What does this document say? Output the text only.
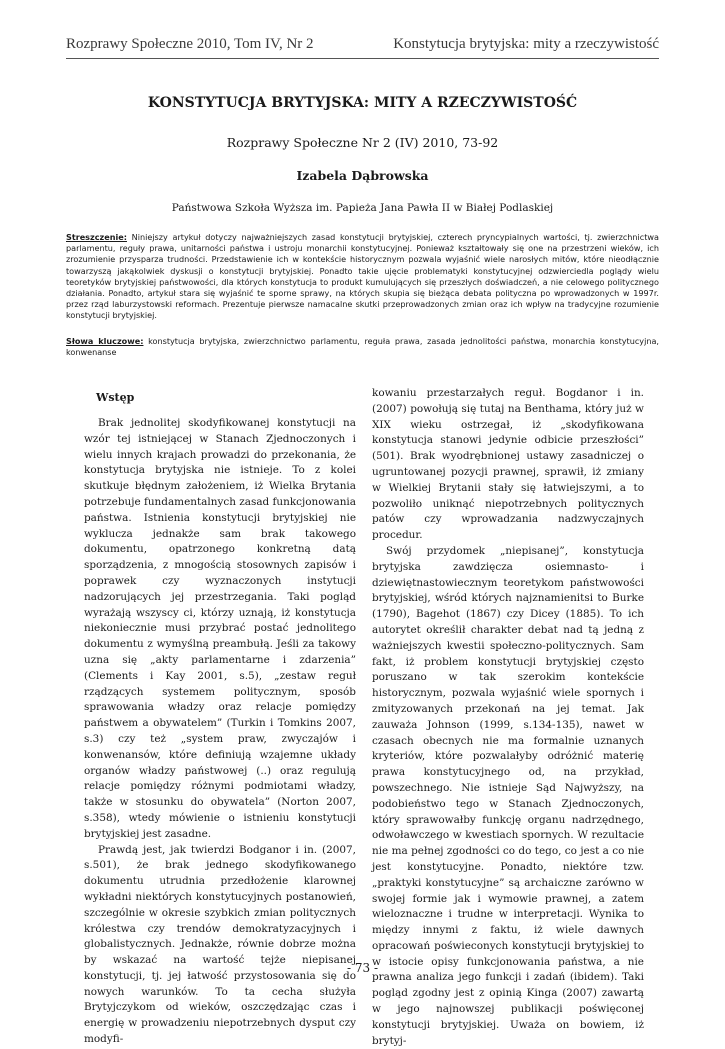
Rozprawy Społeczne 2010, Tom IV, Nr 2	Konstytucja brytyjska: mity a rzeczywistość
KONSTYTUCJA BRYTYJSKA: MITY A RZECZYWISTOŚĆ
Rozprawy Społeczne Nr 2 (IV) 2010, 73-92
Izabela Dąbrowska
Państwowa Szkoła Wyższa im. Papieża Jana Pawła II w Białej Podlaskiej
Streszczenie: Niniejszy artykuł dotyczy najważniejszych zasad konstytucji brytyjskiej, czterech pryncypialnych wartości, tj. zwierzchnictwa parlamentu, reguły prawa, unitarności państwa i ustroju monarchii konstytucyjnej. Ponieważ kształtowały się one na przestrzeni wieków, ich zrozumienie przysparza trudności. Przedstawienie ich w kontekście historycznym pozwala wyjaśnić wiele narosłych mitów, które nieodłącznie towarzyszą jakąkolwiek dyskusji o konstytucji brytyjskiej. Ponadto takie ujęcie problematyki konstytucyjnej odzwierciedla poglądy wielu teoretyków brytyjskiej państwowości, dla których konstytucja to produkt kumulujących się przeszłych doświadczeń, a nie celowego politycznego działania. Ponadto, artykuł stara się wyjaśnić te sporne sprawy, na których skupia się bieżąca debata polityczna po wprowadzonych w 1997r. przez rząd laburzystowski reformach. Prezentuje pierwsze namacalne skutki przeprowadzonych zmian oraz ich wpływ na tradycyjne rozumienie konstytucji brytyjskiej.
Słowa kluczowe: konstytucja brytyjska, zwierzchnictwo parlamentu, reguła prawa, zasada jednolitości państwa, monarchia konstytucyjna, konwenanse

Wstęp

Brak jednolitej skodyfikowanej konstytucji na wzór tej istniejącej w Stanach Zjednoczonych i wielu innych krajach prowadzi do przekonania, że konstytucja brytyjska nie istnieje. To z kolei skutkuje błędnym założeniem, iż Wielka Brytania potrzebuje fundamentalnych zasad funkcjonowania państwa. Istnienia konstytucji brytyjskiej nie wyklucza jednakże sam brak takowego dokumentu, opatrzonego konkretną datą sporządzenia, z mnogością stosownych zapisów i poprawek czy wyznaczonych instytucji nadzorujących jej przestrzegania. Taki pogląd wyrażają wszyscy ci, którzy uznają, iż konstytucja niekoniecznie musi przybrać postać jednolitego dokumentu z wymyślną preambułą. Jeśli za takowy uzna się „akty parlamentarne i zdarzenia” (Clements i Kay 2001, s.5), „zestaw reguł rządzących systemem politycznym, sposób sprawowania władzy oraz relacje pomiędzy państwem a obywatelem” (Turkin i Tomkins 2007, s.3) czy też „system praw, zwyczajów i konwenansów, które definiują wzajemne układy organów władzy państwowej (..) oraz regulują relacje pomiędzy różnymi podmiotami władzy, także w stosunku do obywatela” (Norton 2007, s.358), wtedy mówienie o istnieniu konstytucji brytyjskiej jest zasadne.

Prawdą jest, jak twierdzi Bodganor i in. (2007, s.501), że brak jednego skodyfikowanego dokumentu utrudnia przedłożenie klarownej wykładni niektórych konstytucyjnych postanowień, szczególnie w okresie szybkich zmian politycznych królestwa czy trendów demokratyzacyjnych i globalistycznych. Jednakże, równie dobrze można by wskazać na wartość tejże niepisanej konstytucji, tj. jej łatwość przystosowania się do nowych warunków. To ta cecha służyła Brytyjczykom od wieków, oszczędzając czas i energię w prowadzeniu niepotrzebnych dysput czy modyfi-

kowaniu przestarzałych reguł. Bogdanor i in. (2007) powołują się tutaj na Benthama, który już w XIX wieku ostrzegał, iż „skodyfikowana konstytucja stanowi jedynie odbicie przeszłości” (501). Brak wyodrębnionej ustawy zasadniczej o ugruntowanej pozycji prawnej, sprawił, iż zmiany w Wielkiej Brytanii stały się łatwiejszymi, a to pozwoliło uniknąć niepotrzebnych politycznych patów czy wprowadzania nadzwyczajnych procedur.

Swój przydomek „niepisanej”, konstytucja brytyjska zawdzięcza osiemnasto- i dziewiętnastowiecznym teoretykom państwowości brytyjskiej, wśród których najznamienitsi to Burke (1790), Bagehot (1867) czy Dicey (1885). To ich autorytet określił charakter debat nad tą jedną z ważniejszych kwestii społeczno-politycznych. Sam fakt, iż problem konstytucji brytyjskiej często poruszano w tak szerokim kontekście historycznym, pozwala wyjaśnić wiele spornych i zmityzowanych przekonań na jej temat. Jak zauważa Johnson (1999, s.134-135), nawet w czasach obecnych nie ma formalnie uznanych kryteriów, które pozwalałyby odróżnić materię prawa konstytucyjnego od, na przykład, powszechnego. Nie istnieje Sąd Najwyższy, na podobieństwo tego w Stanach Zjednoczonych, który sprawowałby funkcję organu nadrzędnego, odwoławczego w kwestiach spornych. W rezultacie nie ma pełnej zgodności co do tego, co jest a co nie jest konstytucyjne. Ponadto, niektóre tzw. „praktyki konstytucyjne” są archaiczne zarówno w swojej formie jak i wymowie prawnej, a zatem wieloznaczne i trudne w interpretacji. Wynika to między innymi z faktu, iż wiele dawnych opracowań poświeconych konstytucji brytyjskiej to w istocie opisy funkcjonowania państwa, a nie prawna analiza jego funkcji i zadań (ibidem). Taki pogląd zgodny jest z opinią Kinga (2007) zawartą w jego najnowszej publikacji poświęconej konstytucji brytyjskiej. Uważa on bowiem, iż brytyj-

- 73 -
